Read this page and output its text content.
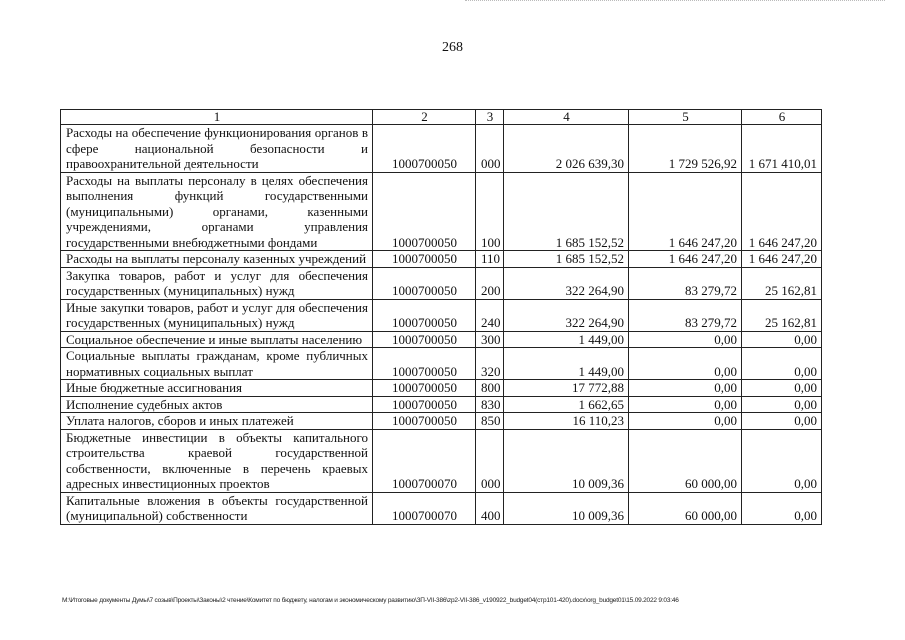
268
1	2	3	4	5	6
Расходы на обеспечение функционирования органов в сфере национальной безопасности и правоохранительной деятельности	1000700050	000	2 026 639,30	1 729 526,92	1 671 410,01
Расходы на выплаты персоналу в целях обеспечения выполнения функций государственными (муниципальными) органами, казенными учреждениями, органами управления государственными внебюджетными фондами	1000700050	100	1 685 152,52	1 646 247,20	1 646 247,20
Расходы на выплаты персоналу казенных учреждений	1000700050	110	1 685 152,52	1 646 247,20	1 646 247,20
Закупка товаров, работ и услуг для обеспечения государственных (муниципальных) нужд	1000700050	200	322 264,90	83 279,72	25 162,81
Иные закупки товаров, работ и услуг для обеспечения государственных (муниципальных) нужд	1000700050	240	322 264,90	83 279,72	25 162,81
Социальное обеспечение и иные выплаты населению	1000700050	300	1 449,00	0,00	0,00
Социальные выплаты гражданам, кроме публичных нормативных социальных выплат	1000700050	320	1 449,00	0,00	0,00
Иные бюджетные ассигнования	1000700050	800	17 772,88	0,00	0,00
Исполнение судебных актов	1000700050	830	1 662,65	0,00	0,00
Уплата налогов, сборов и иных платежей	1000700050	850	16 110,23	0,00	0,00
Бюджетные инвестиции в объекты капитального строительства краевой государственной собственности, включенные в перечень краевых адресных инвестиционных проектов	1000700070	000	10 009,36	60 000,00	0,00
Капитальные вложения в объекты государственной (муниципальной) собственности	1000700070	400	10 009,36	60 000,00	0,00
M:\Итоговые документы Думы\7 созыв\Проекты\Законы\2 чтение\Комитет по бюджету, налогам и экономическому развитию\ЗП-VII-386\zp2-VII-386_v190922_budget04(стр101-420).docx\org_budget01\15.09.2022 9:03:46
